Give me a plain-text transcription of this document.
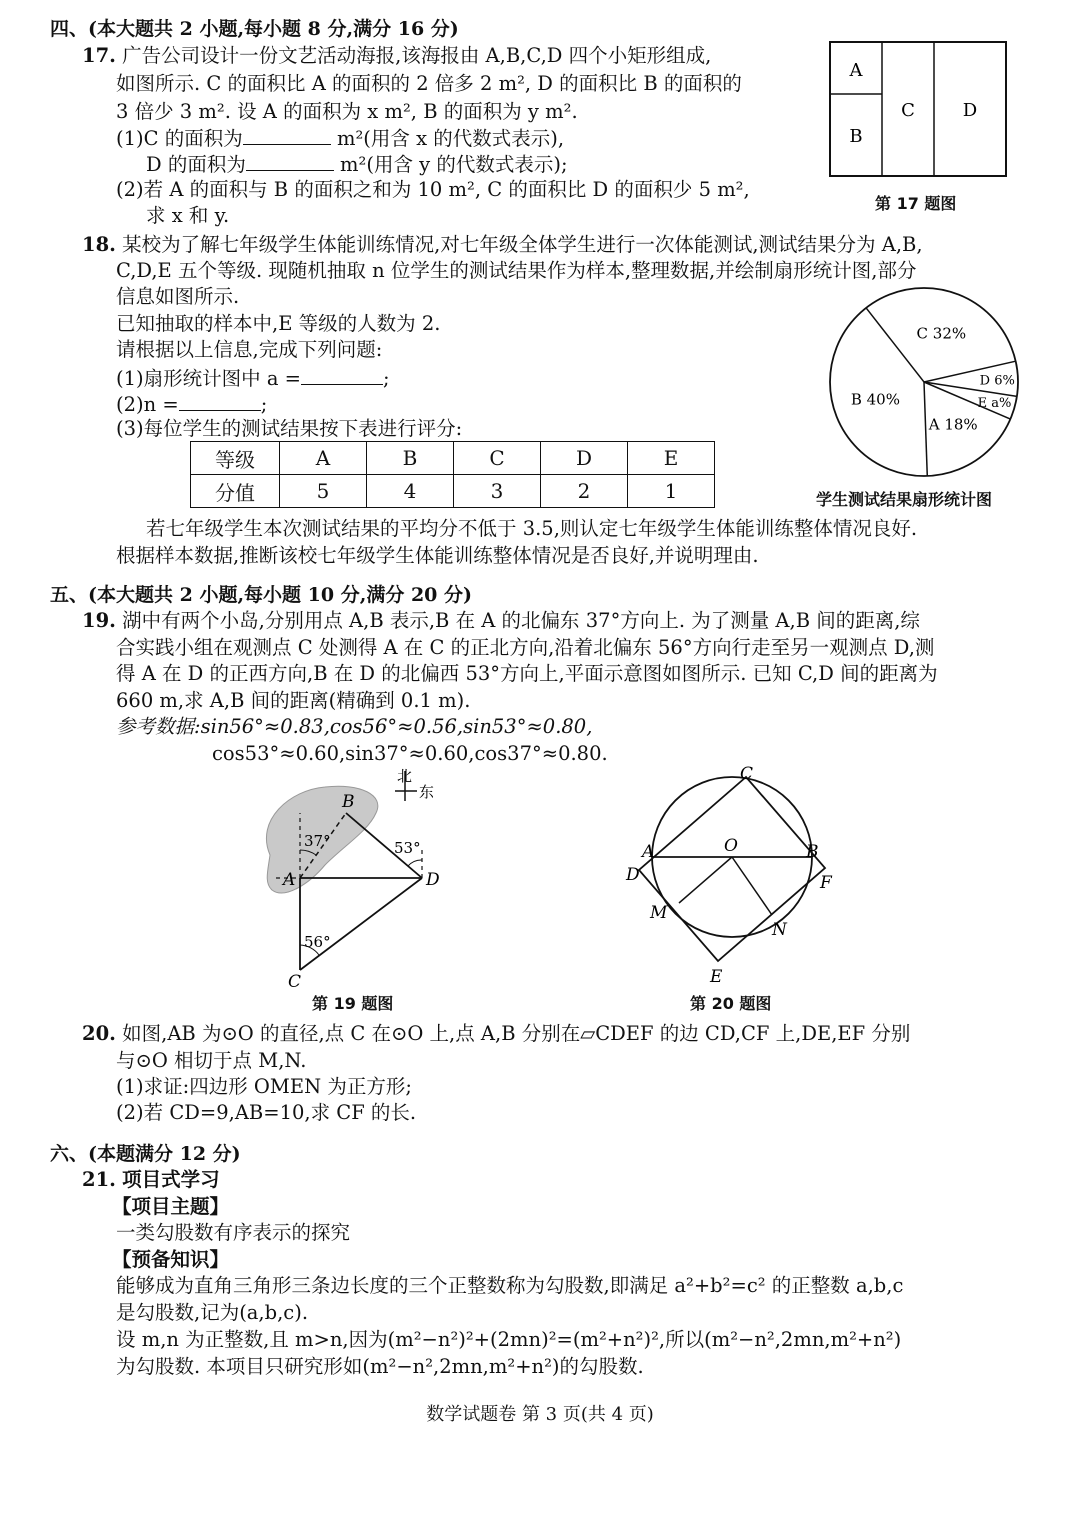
四、(本大题共 2 小题,每小题 8 分,满分 16 分)
17. 广告公司设计一份文艺活动海报,该海报由 A,B,C,D 四个小矩形组成,
如图所示. C 的面积比 A 的面积的 2 倍多 2 m², D 的面积比 B 的面积的
3 倍少 3 m². 设 A 的面积为 x m², B 的面积为 y m².
(1)C 的面积为	m²(用含 x 的代数式表示),
D 的面积为	m²(用含 y 的代数式表示);
(2)若 A 的面积与 B 的面积之和为 10 m², C 的面积比 D 的面积少 5 m²,
求 x 和 y.
A
B
C	D
第 17 题图
18. 某校为了解七年级学生体能训练情况,对七年级全体学生进行一次体能测试,测试结果分为 A,B,
C,D,E 五个等级. 现随机抽取 n 位学生的测试结果作为样本,整理数据,并绘制扇形统计图,部分
信息如图所示.
已知抽取的样本中,E 等级的人数为 2.
请根据以上信息,完成下列问题:
(1)扇形统计图中 a =	;
(2)n =	;
(3)每位学生的测试结果按下表进行评分:
等级	A	B	C	D	E
分值	5	4	3	2	1
C 32%
D 6%
E a%
A 18%
B 40%
学生测试结果扇形统计图
若七年级学生本次测试结果的平均分不低于 3.5,则认定七年级学生体能训练整体情况良好.
根据样本数据,推断该校七年级学生体能训练整体情况是否良好,并说明理由.
五、(本大题共 2 小题,每小题 10 分,满分 20 分)
19. 湖中有两个小岛,分别用点 A,B 表示,B 在 A 的北偏东 37°方向上. 为了测量 A,B 间的距离,综
合实践小组在观测点 C 处测得 A 在 C 的正北方向,沿着北偏东 56°方向行走至另一观测点 D,测
得 A 在 D 的正西方向,B 在 D 的北偏西 53°方向上,平面示意图如图所示. 已知 C,D 间的距离为
660 m,求 A,B 间的距离(精确到 0.1 m).
参考数据:sin56°≈0.83,cos56°≈0.56,sin53°≈0.80,
cos53°≈0.60,sin37°≈0.60,cos37°≈0.80.
北
东
B
A	D
C
37°	53°
56°
第 19 题图
A	B
C
D
E
F
M
N
O
第 20 题图
20. 如图,AB 为⊙O 的直径,点 C 在⊙O 上,点 A,B 分别在▱CDEF 的边 CD,CF 上,DE,EF 分别
与⊙O 相切于点 M,N.
(1)求证:四边形 OMEN 为正方形;
(2)若 CD=9,AB=10,求 CF 的长.
六、(本题满分 12 分)
21. 项目式学习
【项目主题】
一类勾股数有序表示的探究
【预备知识】
能够成为直角三角形三条边长度的三个正整数称为勾股数,即满足 a²+b²=c² 的正整数 a,b,c
是勾股数,记为(a,b,c).
设 m,n 为正整数,且 m>n,因为(m²−n²)²+(2mn)²=(m²+n²)²,所以(m²−n²,2mn,m²+n²)
为勾股数. 本项目只研究形如(m²−n²,2mn,m²+n²)的勾股数.
数学试题卷 第 3 页(共 4 页)
